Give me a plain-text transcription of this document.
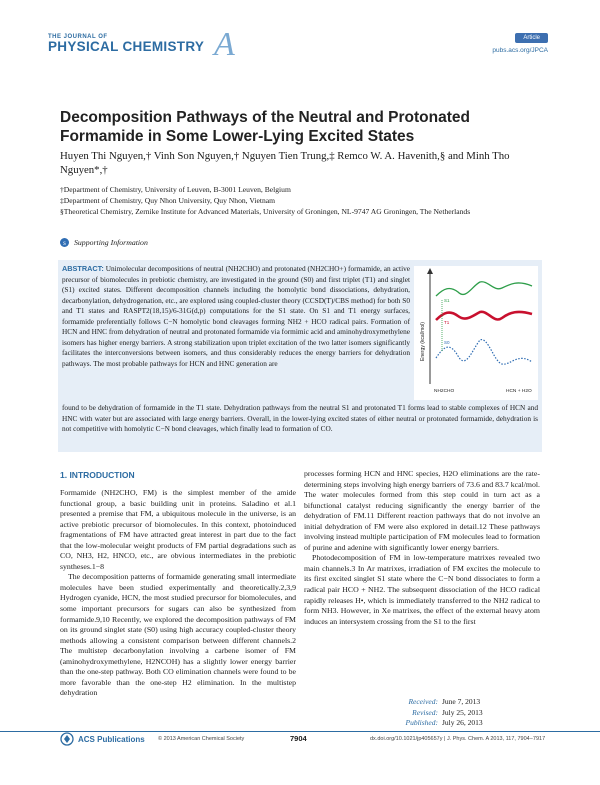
THE JOURNAL OF
PHYSICAL CHEMISTRY A	Article
pubs.acs.org/JPCA
Decomposition Pathways of the Neutral and Protonated Formamide in Some Lower-Lying Excited States
Huyen Thi Nguyen,† Vinh Son Nguyen,† Nguyen Tien Trung,‡ Remco W. A. Havenith,§ and Minh Tho Nguyen*,†
†Department of Chemistry, University of Leuven, B-3001 Leuven, Belgium
‡Department of Chemistry, Quy Nhon University, Quy Nhon, Vietnam
§Theoretical Chemistry, Zernike Institute for Advanced Materials, University of Groningen, NL-9747 AG Groningen, The Netherlands
s	Supporting Information
ABSTRACT: Unimolecular decompositions of neutral (NH2CHO) and protonated (NH2CHO+) formamide, an active precursor of biomolecules in prebiotic chemistry, are investigated in the ground (S0) and first triplet (T1) and singlet (S1) excited states. Different decomposition channels including the homolytic bond dissociations, dehydration, decarbonylation, dehydrogenation, etc., are explored using coupled-cluster theory (CCSD(T)/CBS method) for both S0 and T1 states and RASPT2(18,15)/6-31G(d,p) computations for the S1 state. On S1 and T1 energy surfaces, formamide preferentially follows C−N homolytic bond cleavages forming NH2 + HCO radical pairs. Formation of HCN and HNC from dehydration of neutral and protonated formamide via formimic acid and aminohydroxymethylene isomers has higher energy barriers. A strong stabilization upon triplet excitation of the two latter isomers significantly facilitates the interconversions between isomers, and thus considerably reduces the energy barriers for dehydration pathways. The most probable pathways for HCN and HNC generation are
found to be dehydration of formamide in the T1 state. Dehydration pathways from the neutral S1 and protonated T1 forms lead to stable complexes of HCN and HNC with water but are associated with large energy barriers. Overall, in the lower-lying excited states of either neutral or protonated formamide, dehydration is not competitive with homolytic C−N bond cleavages, which finally lead to formation of CO.
Energy (kcal/mol)
S1
T1
S0
NH2CHO	HCN + H2O
1. INTRODUCTION

Formamide (NH2CHO, FM) is the simplest member of the amide functional group, a basic building unit in proteins. Saladino et al.1 presented a premise that FM, a ubiquitous molecule in the universe, is an active prebiotic precursor of biomolecules. In this context, photoinduced fragmentations of FM have attracted great interest in part due to the fact that the low-molecular weight products of FM partial degradations such as CO, NH3, H2, HNCO, etc., are obvious intermediates in the prebiotic syntheses.1−8

The decomposition patterns of formamide generating small intermediate molecules have been studied experimentally and theoretically.2,3,9 Hydrogen cyanide, HCN, the most studied precursor for biomolecules, and some important precursors for sugars can also be synthesized from formamide.9,10 Recently, we explored the decomposition pathways of FM on its ground singlet state (S0) using high accuracy coupled-cluster theory methods allowing a consistent comparison between different channels.2 The multistep decarbonylation involving a carbene isomer of FM (aminohydroxymethylene, H2NCOH) has a slightly lower energy barrier than the one-step pathway. Both CO elimination channels were found to be more favorable than the one-step H2 elimination. In the multistep dehydration

processes forming HCN and HNC species, H2O eliminations are the rate-determining steps involving high energy barriers of 73.6 and 83.7 kcal/mol. The water molecules formed from this step could in turn act as a bifunctional catalyst reducing significantly the energy barrier of the dehydration of FM.11 Different reaction pathways that do not involve an initial dehydration of FM were also explored in detail.12 These pathways involving instead multiple participation of FM molecules lead to formation of purine and adenine with significantly lower energy barriers.

Photodecomposition of FM in low-temperature matrixes revealed two main channels.3 In Ar matrixes, irradiation of FM excites the molecule to its first excited singlet S1 state where the C−N bond dissociates to form a radical pair HCO + NH2. The subsequent dissociation of the HCO radical rapidly releases H•, which is immediately transferred to the NH2 radical to form NH3. However, in Xe matrixes, the effect of the external heavy atom induces an intersystem crossing from the S1 to the first

Received: June 7, 2013
Revised: July 25, 2013
Published: July 26, 2013
ACS Publications © 2013 American Chemical Society	7904	dx.doi.org/10.1021/jp405657y | J. Phys. Chem. A 2013, 117, 7904−7917
